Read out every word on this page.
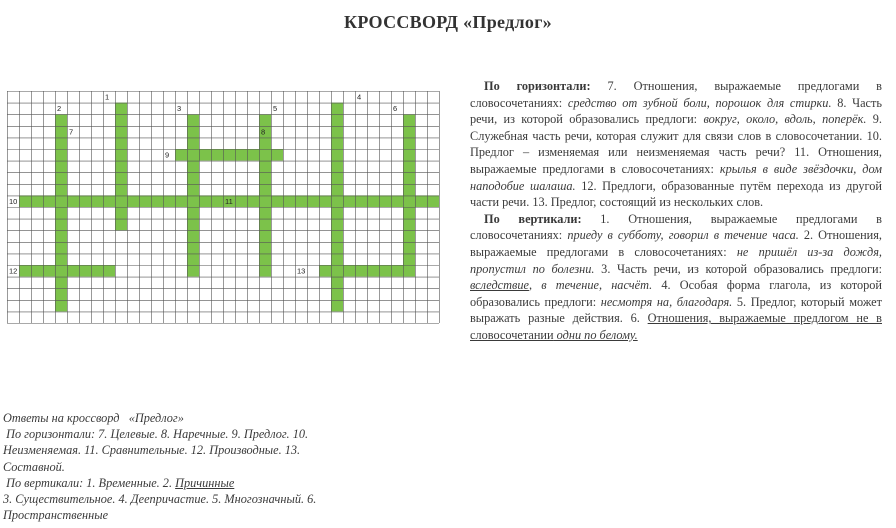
КРОССВОРД «Предлог»
1
2	3
4
5	6
7	8
9
10	11
12	13

По горизонтали: 7. Отношения, выражаемые предлогами в словосочетаниях: средство от зубной боли, порошок для стирки. 8. Часть речи, из которой образовались предлоги: вокруг, около, вдоль, поперёк. 9. Служебная часть речи, которая служит для связи слов в словосочетании. 10. Предлог – изменяемая или неизменяемая часть речи? 11. Отношения, выражаемые предлогами в словосочетаниях: крылья в виде звёздочки, дом наподобие шалаша. 12. Предлоги, образованные путём перехода из другой части речи. 13. Предлог, состоящий из нескольких слов.

По вертикали: 1. Отношения, выражаемые предлогами в словосочетаниях: приеду в субботу, говорил в течение часа. 2. Отношения, выражаемые предлогами в словосочетаниях: не пришёл из-за дождя, пропустил по болезни. 3. Часть речи, из которой образовались предлоги: вследствие, в течение, насчёт. 4. Особая форма глагола, из которой образовались предлоги: несмотря на, благодаря. 5. Предлог, который может выражать разные действия. 6. Отношения, выражаемые предлогом не в словосочетании одни по белому.

Ответы на кроссворд   «Предлог»
По горизонтали: 7. Целевые. 8. Наречные. 9. Предлог. 10.
Неизменяемая. 11. Сравнительные. 12. Производные. 13.
Составной.
По вертикали: 1. Временные. 2. Причинные
3. Существительное. 4. Деепричастие. 5. Многозначный. 6.
Пространственные
